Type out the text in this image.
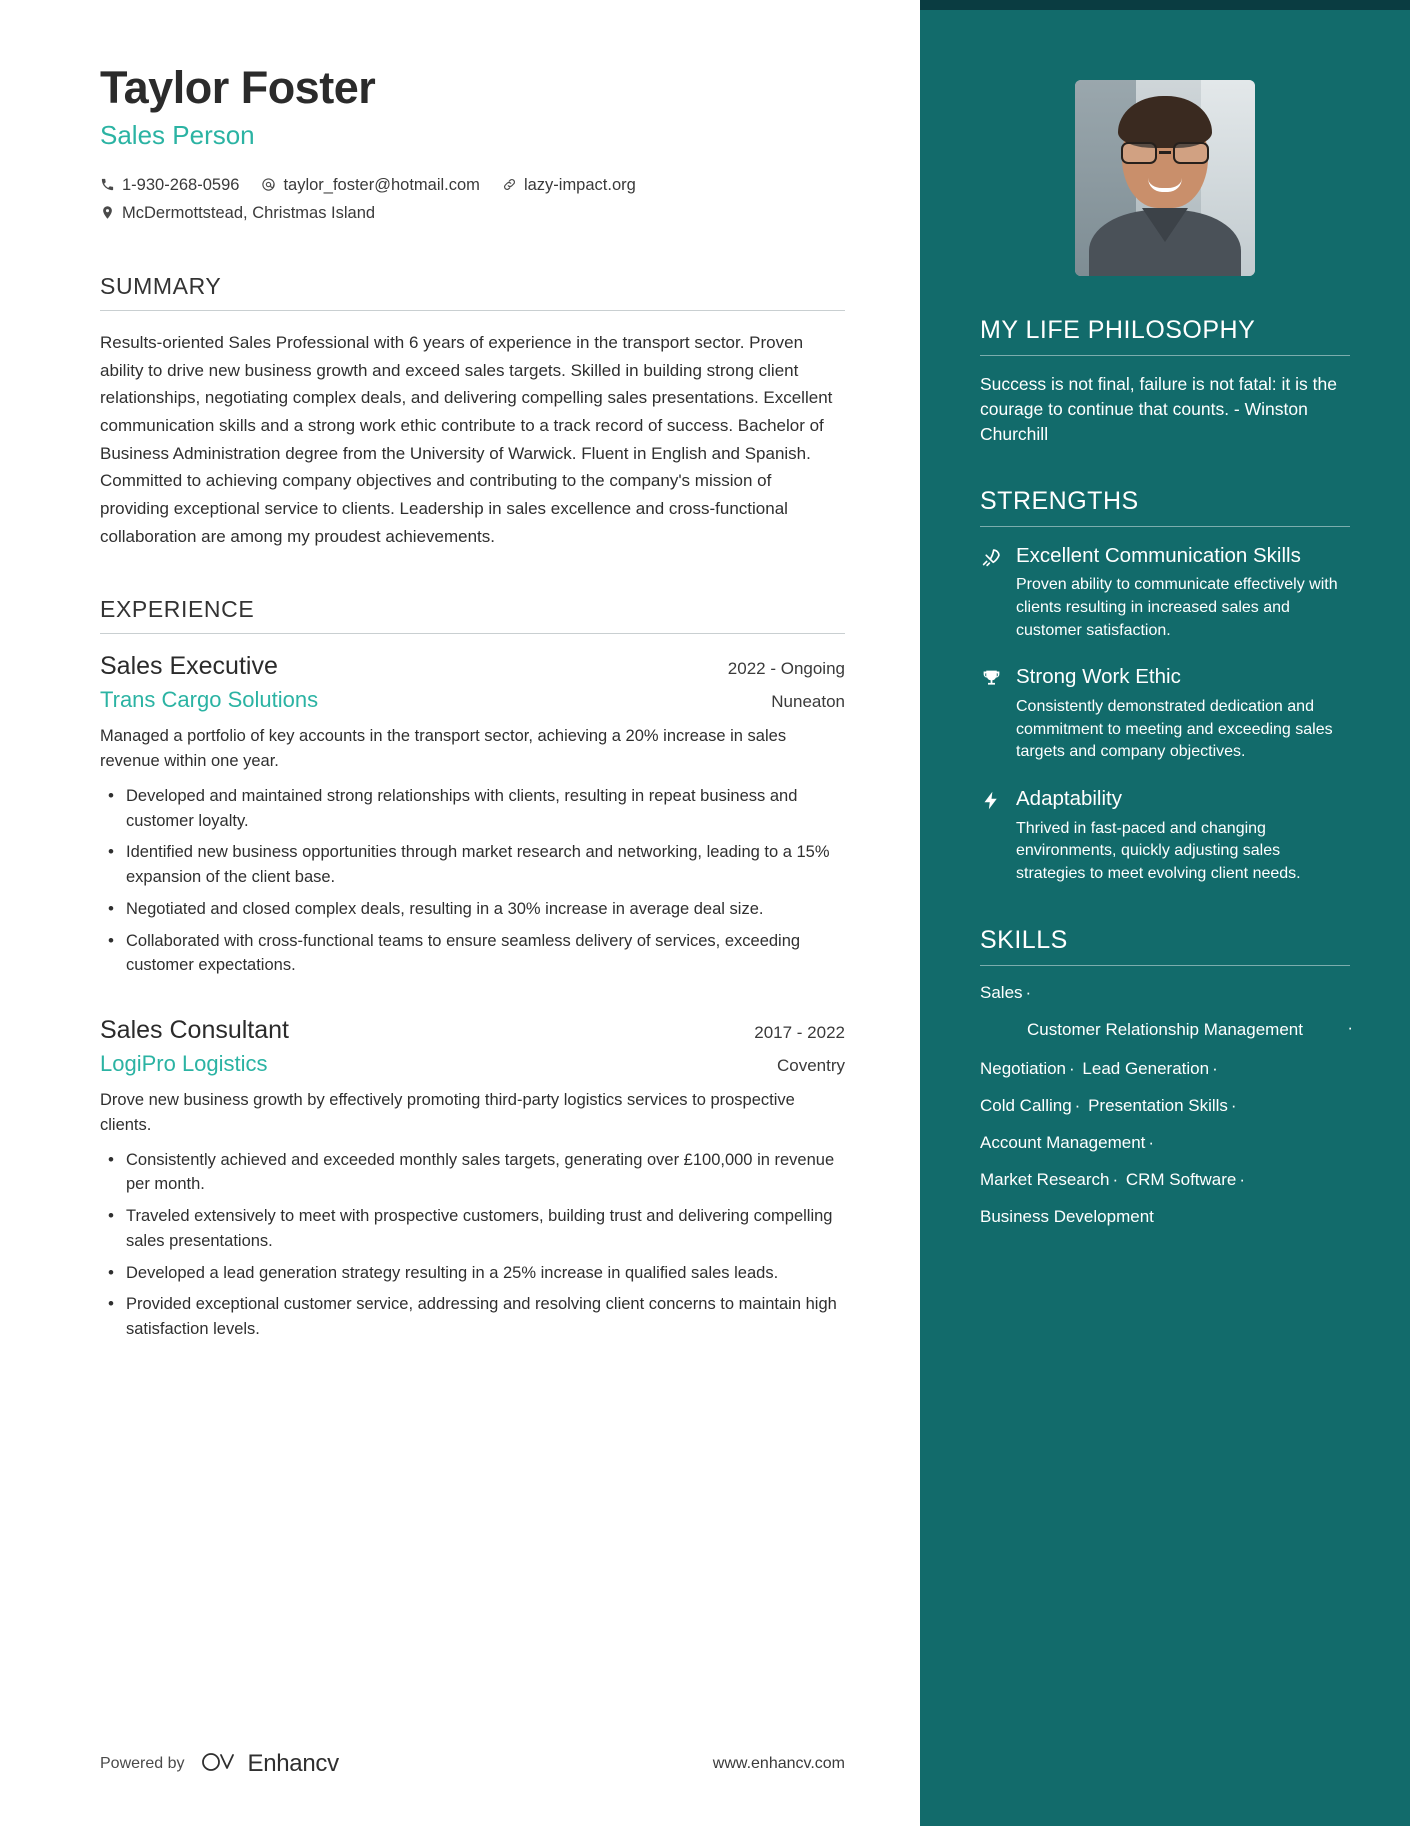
Taylor Foster
Sales Person
1-930-268-0596	taylor_foster@hotmail.com	lazy-impact.org
McDermottstead, Christmas Island
SUMMARY

Results-oriented Sales Professional with 6 years of experience in the transport sector. Proven ability to drive new business growth and exceed sales targets. Skilled in building strong client relationships, negotiating complex deals, and delivering compelling sales presentations. Excellent communication skills and a strong work ethic contribute to a track record of success. Bachelor of Business Administration degree from the University of Warwick. Fluent in English and Spanish. Committed to achieving company objectives and contributing to the company's mission of providing exceptional service to clients. Leadership in sales excellence and cross-functional collaboration are among my proudest achievements.

EXPERIENCE
Sales Executive	2022 - Ongoing
Trans Cargo Solutions	Nuneaton
Managed a portfolio of key accounts in the transport sector, achieving a 20% increase in sales revenue within one year.
• Developed and maintained strong relationships with clients, resulting in repeat business and customer loyalty.
• Identified new business opportunities through market research and networking, leading to a 15% expansion of the client base.
• Negotiated and closed complex deals, resulting in a 30% increase in average deal size.
• Collaborated with cross-functional teams to ensure seamless delivery of services, exceeding customer expectations.
Sales Consultant	2017 - 2022
LogiPro Logistics	Coventry
Drove new business growth by effectively promoting third-party logistics services to prospective clients.
• Consistently achieved and exceeded monthly sales targets, generating over £100,000 in revenue per month.
• Traveled extensively to meet with prospective customers, building trust and delivering compelling sales presentations.
• Developed a lead generation strategy resulting in a 25% increase in qualified sales leads.
• Provided exceptional customer service, addressing and resolving client concerns to maintain high satisfaction levels.
Powered by	Enhancv	www.enhancv.com
MY LIFE PHILOSOPHY
Success is not final, failure is not fatal: it is the courage to continue that counts. - Winston Churchill
STRENGTHS
Excellent Communication Skills
Proven ability to communicate effectively with clients resulting in increased sales and customer satisfaction.
Strong Work Ethic
Consistently demonstrated dedication and commitment to meeting and exceeding sales targets and company objectives.
Adaptability
Thrived in fast-paced and changing environments, quickly adjusting sales strategies to meet evolving client needs.
SKILLS
Sales ·
Customer Relationship Management	·
Negotiation · Lead Generation ·
Cold Calling · Presentation Skills ·
Account Management ·
Market Research · CRM Software ·
Business Development
